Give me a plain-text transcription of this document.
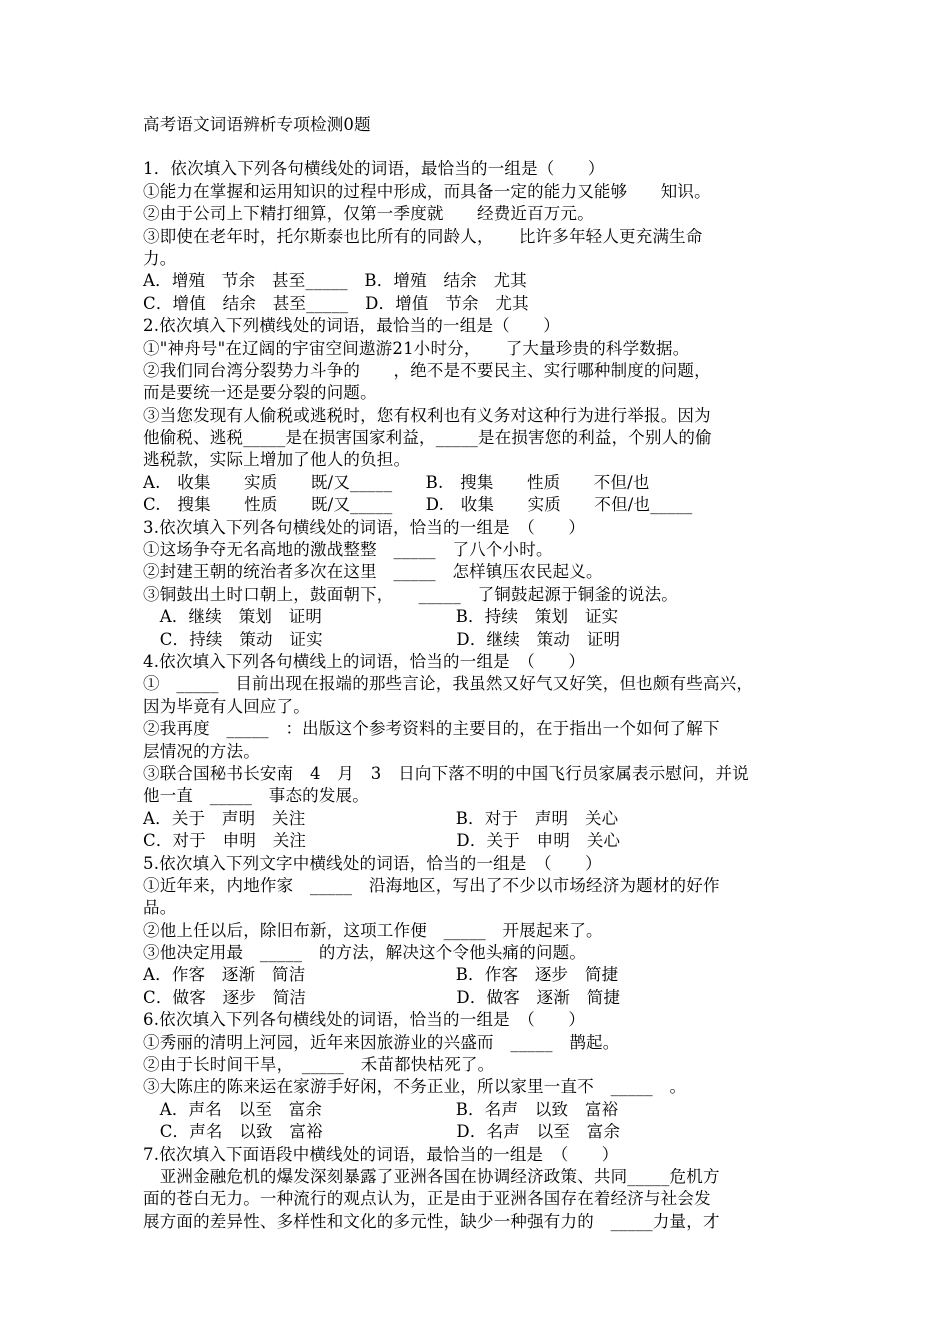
高考语文词语辨析专项检测0题
1．依次填入下列各句横线处的词语，最恰当的一组是（　　）
①能力在掌握和运用知识的过程中形成，而具备一定的能力又能够　　知识。
②由于公司上下精打细算，仅第一季度就　　经费近百万元。
③即使在老年时，托尔斯泰也比所有的同龄人，　　比许多年轻人更充满生命
力。
A．增殖　节余　甚至_____　B．增殖　结余　尤其
C．增值　结余　甚至_____　D．增值　节余　尤其
2.依次填入下列横线处的词语，最恰当的一组是（　　）
①"神舟号"在辽阔的宇宙空间遨游21小时分，　　了大量珍贵的科学数据。
②我们同台湾分裂势力斗争的　　，绝不是不要民主、实行哪种制度的问题，
而是要统一还是要分裂的问题。
③当您发现有人偷税或逃税时，您有权利也有义务对这种行为进行举报。因为
他偷税、逃税_____是在损害国家利益，_____是在损害您的利益，个别人的偷
逃税款，实际上增加了他人的负担。
A.　收集　　实质　　既/又_____　　B.　搜集　　性质　　不但/也
C.　搜集　　性质　　既/又_____　　D.　收集　　实质　　不但/也_____
3.依次填入下列各句横线处的词语，恰当的一组是　（　　）
①这场争夺无名高地的激战整整　_____　了八个小时。
②封建王朝的统治者多次在这里　_____　怎样镇压农民起义。
③铜鼓出土时口朝上，鼓面朝下，　　_____　了铜鼓起源于铜釜的说法。
　A．继续　策划　证明　　　　　　　　B．持续　策划　证实
　C．持续　策动　证实　　　　　　　　D．继续　策动　证明
4.依次填入下列各句横线上的词语，恰当的一组是　（　　）
①　_____　目前出现在报端的那些言论，我虽然又好气又好笑，但也颇有些高兴，
因为毕竟有人回应了。
②我再度　_____　：出版这个参考资料的主要目的，在于指出一个如何了解下
层情况的方法。
③联合国秘书长安南　4　月　3　日向下落不明的中国飞行员家属表示慰问，并说
他一直　_____　事态的发展。
A．关于　声明　关注　　　　　　　　　B．对于　声明　关心
C．对于　申明　关注　　　　　　　　　D．关于　申明　关心
5.依次填入下列文字中横线处的词语，恰当的一组是　（　　）
①近年来，内地作家　_____　沿海地区，写出了不少以市场经济为题材的好作
品。
②他上任以后，除旧布新，这项工作便　_____　开展起来了。
③他决定用最　_____　的方法，解决这个令他头痛的问题。
A．作客　逐渐　简洁　　　　　　　　　B．作客　逐步　简捷
C．做客　逐步　简洁　　　　　　　　　D．做客　逐渐　简捷
6.依次填入下列各句横线处的词语，恰当的一组是　（　　）
①秀丽的清明上河园，近年来因旅游业的兴盛而　_____　鹊起。
②由于长时间干旱，　_____　禾苗都快枯死了。
③大陈庄的陈来运在家游手好闲，不务正业，所以家里一直不　_____　。
　A．声名　以至　富余　　　　　　　　B．名声　以致　富裕
　C．声名　以致　富裕　　　　　　　　D．名声　以至　富余
7.依次填入下面语段中横线处的词语，最恰当的一组是　（　　）
　亚洲金融危机的爆发深刻暴露了亚洲各国在协调经济政策、共同_____危机方
面的苍白无力。一种流行的观点认为，正是由于亚洲各国存在着经济与社会发
展方面的差异性、多样性和文化的多元性，缺少一种强有力的　_____力量，才
